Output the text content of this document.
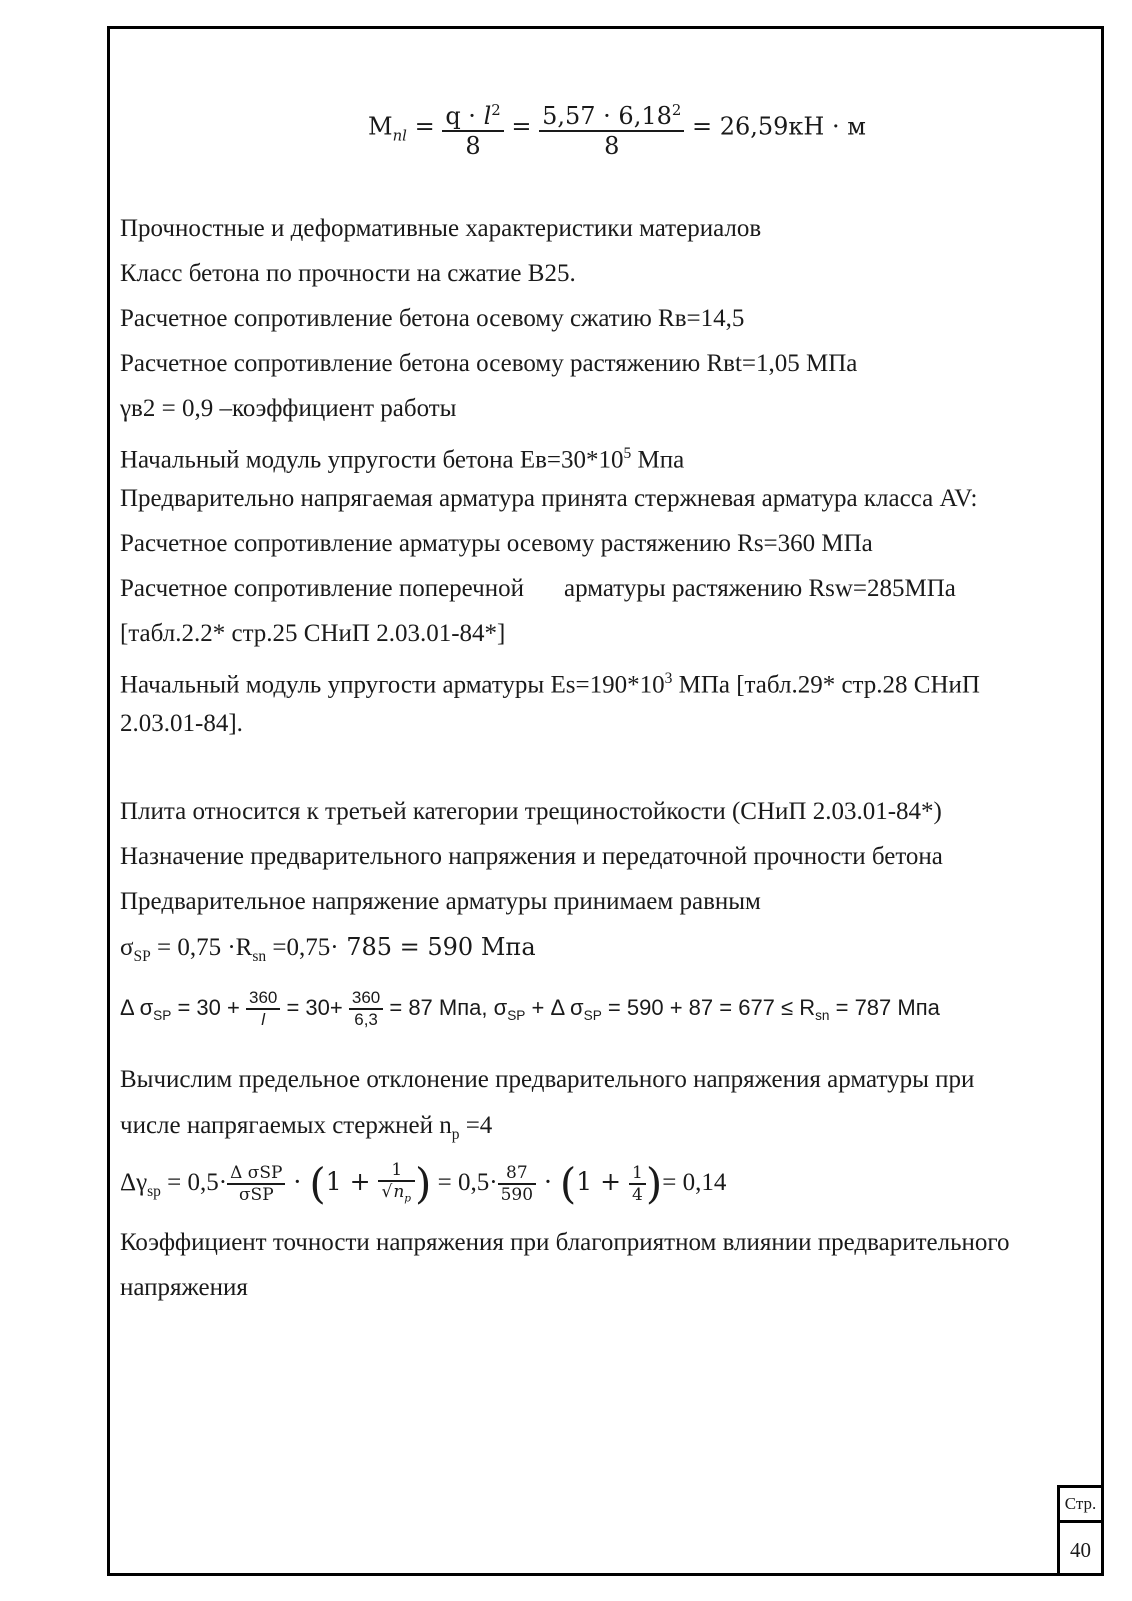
$M_{nl} = \frac{q \cdot l^2}{8} = \frac{5,57 \cdot 6,18^2}{8} = 26,59кН \cdot м$
Прочностные и деформативные характеристики материалов
Класс бетона по прочности на сжатие В25.
Расчетное сопротивление бетона осевому сжатию Rв=14,5
Расчетное сопротивление бетона осевому растяжению Rвt=1,05 МПа
γв2 = 0,9 –коэффициент работы
Начальный модуль упругости бетона $Ев=30*10^5$ Мпа
Предварительно напрягаемая арматура принята стержневая арматура класса AV:
Расчетное сопротивление арматуры осевому растяжению Rs=360 МПа
Расчетное сопротивление поперечной арматуры растяжению Rsw=285МПа
[табл.2.2* стр.25 СНиП 2.03.01-84*]
Начальный модуль упругости арматуры $Es=190*10^3$ МПа [табл.29* стр.28 СНиП
2.03.01-84].
Плита относится к третьей категории трещиностойкости (СНиП 2.03.01-84*)
Назначение предварительного напряжения и передаточной прочности бетона
Предварительное напряжение арматуры принимаем равным
$\sigma_{SP} = 0,75 \cdot R_{sn} =0,75\cdot 785 = 590$ Мпа
Δ $\sigma_{SP} = 30 + \frac{360}{l} = 30+ \frac{360}{6,3} = 87$ Мпа, $\sigma_{SP} + \Delta$ $\sigma_{SP} = 590 + 87 = 677 \le R_{sn} = 787$ Мпа
Вычислим предельное отклонение предварительного напряжения арматуры при
числе напрягаемых стержней $n_p =4$
$\Delta\gamma_{sp} = 0,5\cdot \frac{\text{Δ σSP}}{\text{σSP}} \cdot (1 + \frac{1}{√n_p}$ ) = $0,5\cdot \frac{87}{590} \cdot (1 + \frac{1}{4}$ )= 0,14
Коэффициент точности напряжения при благоприятном влиянии предварительного
напряжения
Стр.
40
